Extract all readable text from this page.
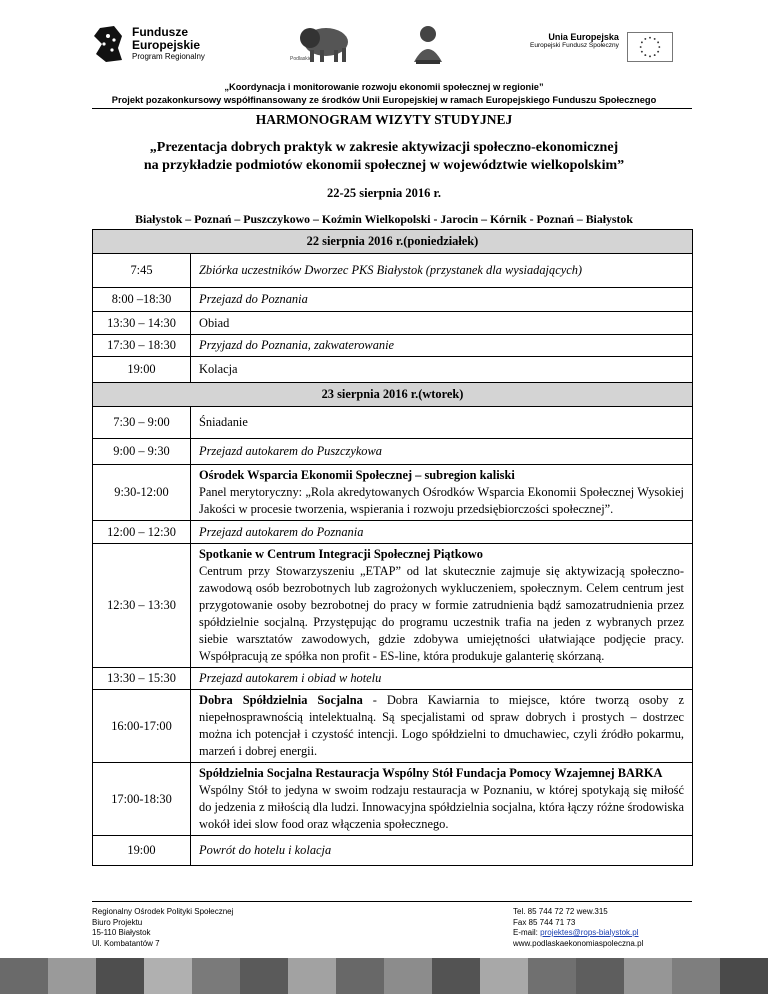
Fundusze
Europejskie
Program Regionalny	Podlaskie
Unia Europejska
Europejski Fundusz Społeczny
„Koordynacja i monitorowanie rozwoju ekonomii społecznej w regionie”
Projekt pozakonkursowy współfinansowany ze środków Unii Europejskiej w ramach Europejskiego Funduszu Społecznego
HARMONOGRAM WIZYTY STUDYJNEJ
„Prezentacja dobrych praktyk w zakresie aktywizacji społeczno-ekonomicznej
na przykładzie podmiotów ekonomii społecznej w województwie wielkopolskim”
22-25 sierpnia 2016 r.
Białystok – Poznań – Puszczykowo – Koźmin Wielkopolski - Jarocin – Kórnik - Poznań – Białystok
22 sierpnia 2016 r.(poniedziałek)	
7:45	Zbiórka uczestników Dworzec PKS Białystok (przystanek dla wysiadających)
8:00 –18:30	Przejazd do Poznania
13:30 – 14:30	Obiad
17:30 – 18:30	Przyjazd do Poznania, zakwaterowanie
19:00	Kolacja
23 sierpnia 2016 r.(wtorek)	
7:30 – 9:00	Śniadanie
9:00 – 9:30	Przejazd autokarem do Puszczykowa
9:30-12:00	Ośrodek Wsparcia Ekonomii Społecznej – subregion kaliski
Panel merytoryczny: „Rola akredytowanych Ośrodków Wsparcia Ekonomii Społecznej Wysokiej Jakości w procesie tworzenia, wspierania i rozwoju przedsiębiorczości społecznej”.

12:00 – 12:30	Przejazd autokarem do Poznania
12:30 – 13:30	Spotkanie w Centrum Integracji Społecznej Piątkowo
Centrum przy Stowarzyszeniu „ETAP” od lat skutecznie zajmuje się aktywizacją społeczno-zawodową osób bezrobotnych lub zagrożonych wykluczeniem, społecznym. Celem centrum jest przygotowanie osoby bezrobotnej do pracy w formie zatrudnienia bądź samozatrudnienia przez spółdzielnie socjalną. Przystępując do programu uczestnik trafia na jeden z wybranych przez siebie warsztatów zawodowych, gdzie zdobywa umiejętności ułatwiające podjęcie pracy. Współpracują ze spółka non profit - ES-line, która produkuje galanterię skórzaną.

13:30 – 15:30	Przejazd autokarem i obiad w hotelu
16:00-17:00	Dobra Spółdzielnia Socjalna - Dobra Kawiarnia to miejsce, które tworzą osoby z niepełnosprawnością intelektualną. Są specjalistami od spraw dobrych i prostych – dostrzec można ich potencjał i czystość intencji. Logo spółdzielni to dmuchawiec, czyli źródło pokarmu, marzeń i dobrej energii.
17:00-18:30	Spółdzielnia Socjalna Restauracja Wspólny Stół Fundacja Pomocy Wzajemnej BARKA
Wspólny Stół to jedyna w swoim rodzaju restauracja w Poznaniu, w której spotykają się miłość do jedzenia z miłością dla ludzi. Innowacyjna spółdzielnia socjalna, która łączy różne środowiska wokół idei slow food oraz włączenia społecznego.

19:00	Powrót do hotelu i kolacja
Regionalny Ośrodek Polityki Społecznej
Biuro Projektu
15-110 Białystok
Ul. Kombatantów 7
Tel. 85 744 72 72 wew.315
Fax 85 744 71 73
E-mail: projektes@rops-bialystok.pl
www.podlaskaekonomiaspoleczna.pl
